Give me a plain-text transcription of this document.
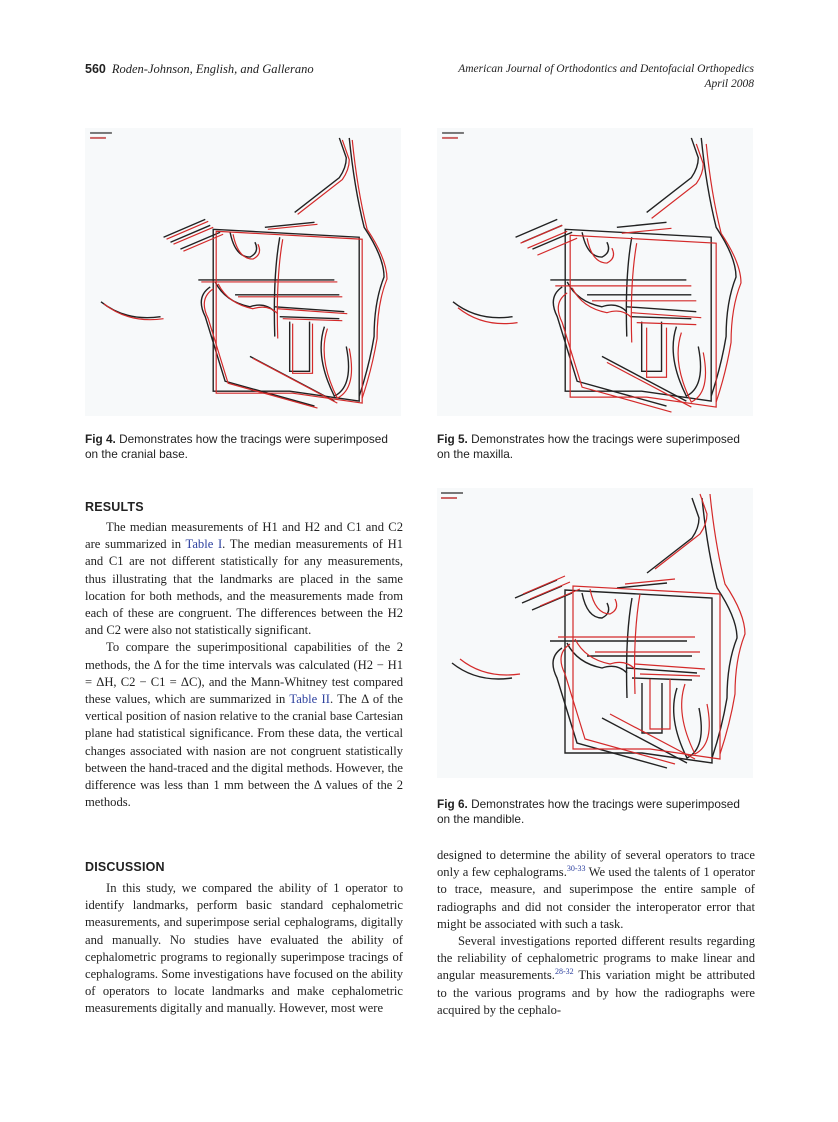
560 Roden-Johnson, English, and Gallerano	American Journal of Orthodontics and Dentofacial Orthopedics
April 2008
Fig 4. Demonstrates how the tracings were superimposed on the cranial base.
Fig 5. Demonstrates how the tracings were superimposed on the maxilla.
Fig 6. Demonstrates how the tracings were superimposed on the mandible.
RESULTS

The median measurements of H1 and H2 and C1 and C2 are summarized in Table I. The median measurements of H1 and C1 are not different statistically for any measurements, thus illustrating that the landmarks are placed in the same location for both methods, and the measurements made from each of these are congruent. The differences between the H2 and C2 were also not statistically significant.

To compare the superimpositional capabilities of the 2 methods, the Δ for the time intervals was calculated (H2 − H1 = ΔH, C2 − C1 = ΔC), and the Mann-Whitney test compared these values, which are summarized in Table II. The Δ of the vertical position of nasion relative to the cranial base Cartesian plane had statistical significance. From these data, the vertical changes associated with nasion are not congruent statistically between the hand-traced and the digital methods. However, the difference was less than 1 mm between the Δ values of the 2 methods.

DISCUSSION

In this study, we compared the ability of 1 operator to identify landmarks, perform basic standard cephalometric measurements, and superimpose serial cephalograms, digitally and manually. No studies have evaluated the ability of cephalometric programs to regionally superimpose tracings of cephalograms. Some investigations have focused on the ability of operators to locate landmarks and make cephalometric measurements digitally and manually. However, most were

designed to determine the ability of several operators to trace only a few cephalograms.$^{30-33}$ We used the talents of 1 operator to trace, measure, and superimpose the entire sample of radiographs and did not consider the interoperator error that might be associated with such a task.

Several investigations reported different results regarding the reliability of cephalometric programs to make linear and angular measurements.$^{28-32}$ This variation might be attributed to the various programs and by how the radiographs were acquired by the cephalo-
